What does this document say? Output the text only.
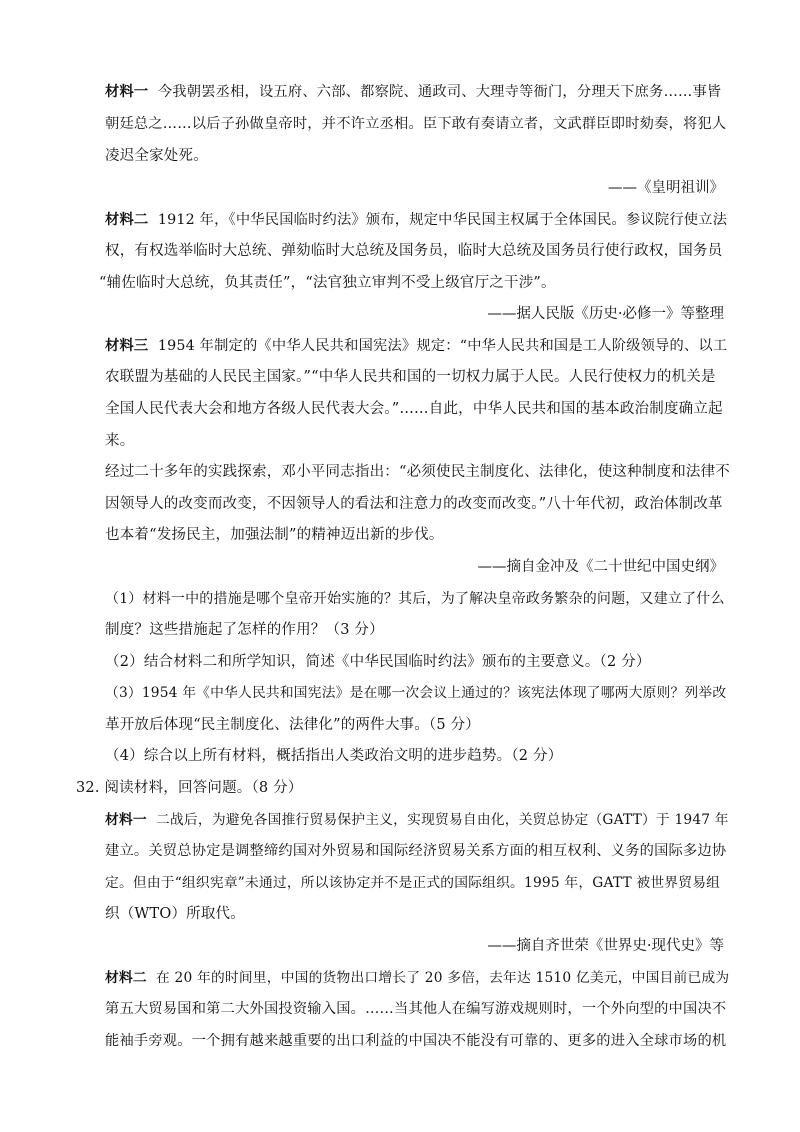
材料一 今我朝罢丞相，设五府、六部、都察院、通政司、大理寺等衙门，分理天下庶务……事皆
朝廷总之……以后子孙做皇帝时，并不许立丞相。臣下敢有奏请立者，文武群臣即时劾奏，将犯人
凌迟全家处死。
——《皇明祖训》
材料二 1912 年，《中华民国临时约法》颁布，规定中华民国主权属于全体国民。参议院行使立法
权，有权选举临时大总统、弹劾临时大总统及国务员，临时大总统及国务员行使行政权，国务员
“辅佐临时大总统，负其责任”，“法官独立审判不受上级官厅之干涉”。
——据人民版《历史·必修一》等整理
材料三 1954 年制定的《中华人民共和国宪法》规定：“中华人民共和国是工人阶级领导的、以工
农联盟为基础的人民民主国家。”“中华人民共和国的一切权力属于人民。人民行使权力的机关是
全国人民代表大会和地方各级人民代表大会。”……自此，中华人民共和国的基本政治制度确立起
来。
经过二十多年的实践探索，邓小平同志指出：“必须使民主制度化、法律化，使这种制度和法律不
因领导人的改变而改变，不因领导人的看法和注意力的改变而改变。”八十年代初，政治体制改革
也本着“发扬民主，加强法制”的精神迈出新的步伐。
——摘自金冲及《二十世纪中国史纲》
（1）材料一中的措施是哪个皇帝开始实施的？其后，为了解决皇帝政务繁杂的问题，又建立了什么
制度？这些措施起了怎样的作用？（3 分）
（2）结合材料二和所学知识，简述《中华民国临时约法》颁布的主要意义。（2 分）
（3）1954 年《中华人民共和国宪法》是在哪一次会议上通过的？该宪法体现了哪两大原则？列举改
革开放后体现“民主制度化、法律化”的两件大事。（5 分）
（4）综合以上所有材料，概括指出人类政治文明的进步趋势。（2 分）
32. 阅读材料，回答问题。（8 分）
材料一 二战后，为避免各国推行贸易保护主义，实现贸易自由化，关贸总协定（GATT）于 1947 年
建立。关贸总协定是调整缔约国对外贸易和国际经济贸易关系方面的相互权利、义务的国际多边协
定。但由于“组织宪章”未通过，所以该协定并不是正式的国际组织。1995 年，GATT 被世界贸易组
织（WTO）所取代。
——摘自齐世荣《世界史·现代史》等
材料二 在 20 年的时间里，中国的货物出口增长了 20 多倍，去年达 1510 亿美元，中国目前已成为
第五大贸易国和第二大外国投资输入国。……当其他人在编写游戏规则时，一个外向型的中国决不
能袖手旁观。一个拥有越来越重要的出口利益的中国决不能没有可靠的、更多的进入全球市场的机
